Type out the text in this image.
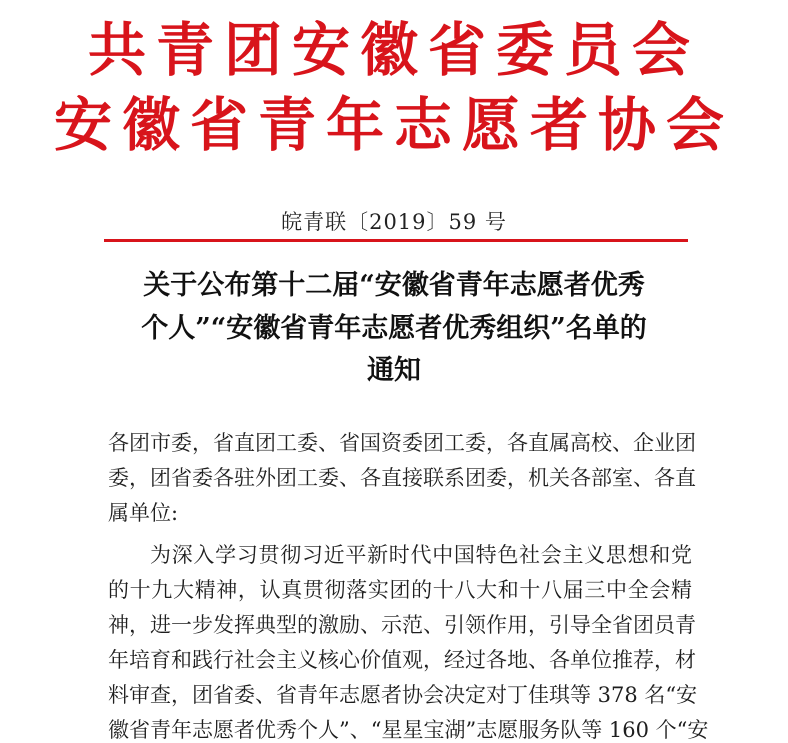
共青团安徽省委员会
安徽省青年志愿者协会
皖青联〔2019〕59 号
关于公布第十二届“安徽省青年志愿者优秀
个人”“安徽省青年志愿者优秀组织”名单的
通知
各团市委，省直团工委、省国资委团工委，各直属高校、企业团
委，团省委各驻外团工委、各直接联系团委，机关各部室、各直
属单位:
为深入学习贯彻习近平新时代中国特色社会主义思想和党
的十九大精神，认真贯彻落实团的十八大和十八届三中全会精
神，进一步发挥典型的激励、示范、引领作用，引导全省团员青
年培育和践行社会主义核心价值观，经过各地、各单位推荐，材
料审查，团省委、省青年志愿者协会决定对丁佳琪等 378 名“安
徽省青年志愿者优秀个人”、“星星宝湖”志愿服务队等 160 个“安
